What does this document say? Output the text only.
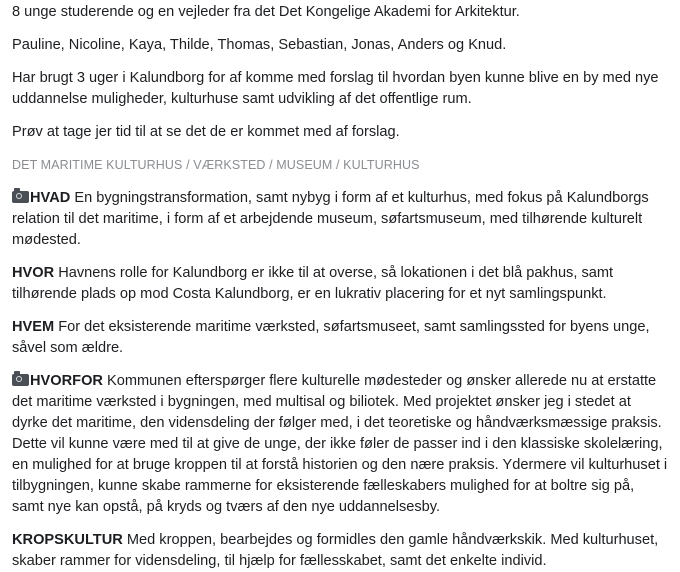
8 unge studerende og en vejleder fra det Det Kongelige Akademi for Arkitektur.

Pauline, Nicoline, Kaya, Thilde, Thomas, Sebastian, Jonas, Anders og Knud.

Har brugt 3 uger i Kalundborg for af komme med forslag til hvordan byen kunne blive en by med nye uddannelse muligheder, kulturhuse samt udvikling af det offentlige rum.

Prøv at tage jer tid til at se det de er kommet med af forslag.

DET MARITIME KULTURHUS / VÆRKSTED / MUSEUM / KULTURHUS

HVAD En bygningstransformation, samt nybyg i form af et kulturhus, med fokus på Kalundborgs relation til det maritime, i form af et arbejdende museum, søfartsmuseum, med tilhørende kulturelt mødested.

HVOR Havnens rolle for Kalundborg er ikke til at overse, så lokationen i det blå pakhus, samt tilhørende plads op mod Costa Kalundborg, er en lukrativ placering for et nyt samlingspunkt.

HVEM For det eksisterende maritime værksted, søfartsmuseet, samt samlingssted for byens unge, såvel som ældre.

HVORFOR Kommunen efterspørger flere kulturelle mødesteder og ønsker allerede nu at erstatte det maritime værksted i bygningen, med multisal og biliotek. Med projektet ønsker jeg i stedet at dyrke det maritime, den vidensdeling der følger med, i det teoretiske og håndværksmæssige praksis. Dette vil kunne være med til at give de unge, der ikke føler de passer ind i den klassiske skolelæring, en mulighed for at bruge kroppen til at forstå historien og den nære praksis. Ydermere vil kulturhuset i tilbygningen, kunne skabe rammerne for eksisterende fælleskabers mulighed for at boltre sig på, samt nye kan opstå, på kryds og tværs af den nye uddannelsesby.

KROPSKULTUR Med kroppen, bearbejdes og formidles den gamle håndværkskik. Med kulturhuset, skaber rammer for vidensdeling, til hjælp for fællesskabet, samt det enkelte individ.
